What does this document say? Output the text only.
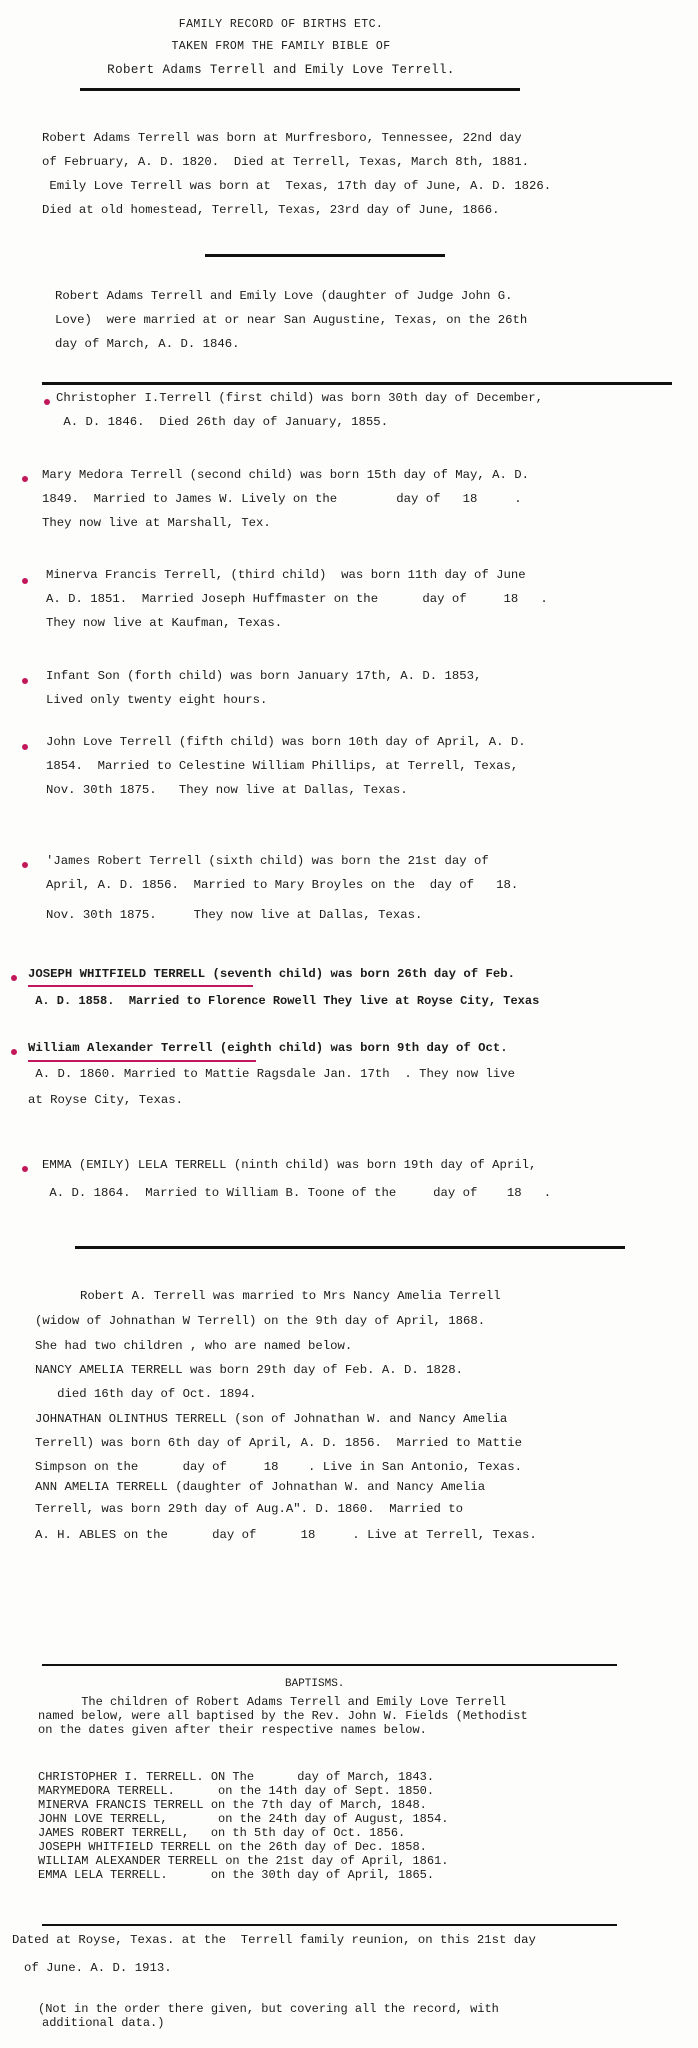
FAMILY RECORD OF BIRTHS ETC.
TAKEN FROM THE FAMILY BIBLE OF
Robert Adams Terrell and Emily Love Terrell.
Robert Adams Terrell was born at Murfresboro, Tennessee, 22nd day
of February, A. D. 1820.  Died at Terrell, Texas, March 8th, 1881.
Emily Love Terrell was born at  Texas, 17th day of June, A. D. 1826.
Died at old homestead, Terrell, Texas, 23rd day of June, 1866.
Robert Adams Terrell and Emily Love (daughter of Judge John G.
Love)  were married at or near San Augustine, Texas, on the 26th
day of March, A. D. 1846.
Christopher I.Terrell (first child) was born 30th day of December,
A. D. 1846.  Died 26th day of January, 1855.
Mary Medora Terrell (second child) was born 15th day of May, A. D.
1849.  Married to James W. Lively on the        day of   18     .
They now live at Marshall, Tex.
Minerva Francis Terrell, (third child)  was born 11th day of June
A. D. 1851.  Married Joseph Huffmaster on the      day of     18   .
They now live at Kaufman, Texas.
Infant Son (forth child) was born January 17th, A. D. 1853,
Lived only twenty eight hours.
John Love Terrell (fifth child) was born 10th day of April, A. D.
1854.  Married to Celestine William Phillips, at Terrell, Texas,
Nov. 30th 1875.   They now live at Dallas, Texas.
'James Robert Terrell (sixth child) was born the 21st day of
April, A. D. 1856.  Married to Mary Broyles on the  day of   18.
Nov. 30th 1875.     They now live at Dallas, Texas.
JOSEPH WHITFIELD TERRELL (seventh child) was born 26th day of Feb.
A. D. 1858.  Married to Florence Rowell They live at Royse City, Texas
William Alexander Terrell (eighth child) was born 9th day of Oct.
A. D. 1860. Married to Mattie Ragsdale Jan. 17th  . They now live
at Royse City, Texas.
EMMA (EMILY) LELA TERRELL (ninth child) was born 19th day of April,
A. D. 1864.  Married to William B. Toone of the     day of    18   .
Robert A. Terrell was married to Mrs Nancy Amelia Terrell
(widow of Johnathan W Terrell) on the 9th day of April, 1868.
She had two children , who are named below.
NANCY AMELIA TERRELL was born 29th day of Feb. A. D. 1828.
died 16th day of Oct. 1894.
JOHNATHAN OLINTHUS TERRELL (son of Johnathan W. and Nancy Amelia
Terrell) was born 6th day of April, A. D. 1856.  Married to Mattie
Simpson on the      day of     18    . Live in San Antonio, Texas.
ANN AMELIA TERRELL (daughter of Johnathan W. and Nancy Amelia
Terrell, was born 29th day of Aug.A". D. 1860.  Married to
A. H. ABLES on the      day of      18     . Live at Terrell, Texas.
BAPTISMS.
The children of Robert Adams Terrell and Emily Love Terrell
named below, were all baptised by the Rev. John W. Fields (Methodist
on the dates given after their respective names below.
CHRISTOPHER I. TERRELL. ON The      day of March, 1843.
MARYMEDORA TERRELL.      on the 14th day of Sept. 1850.
MINERVA FRANCIS TERRELL on the 7th day of March, 1848.
JOHN LOVE TERRELL,       on the 24th day of August, 1854.
JAMES ROBERT TERRELL,   on th 5th day of Oct. 1856.
JOSEPH WHITFIELD TERRELL on the 26th day of Dec. 1858.
WILLIAM ALEXANDER TERRELL on the 21st day of April, 1861.
EMMA LELA TERRELL.      on the 30th day of April, 1865.
Dated at Royse, Texas. at the  Terrell family reunion, on this 21st day
of June. A. D. 1913.
(Not in the order there given, but covering all the record, with
additional data.)
